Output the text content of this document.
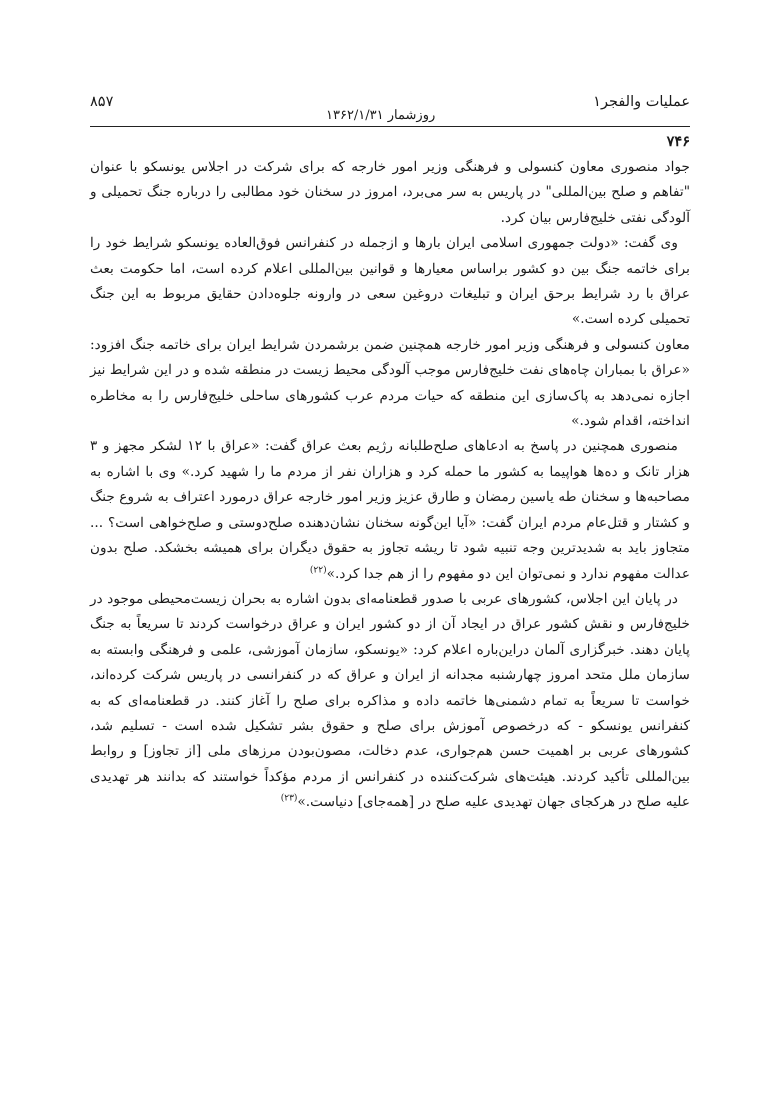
عملیات والفجر۱
روزشمار ۱۳۶۲/۱/۳۱
۸۵۷
۷۴۶

جواد منصوری معاون کنسولی و فرهنگی وزیر امور خارجه که برای شرکت در اجلاس یونسکو با عنوان "تفاهم و صلح بین‌المللی" در پاریس به سر می‌برد، امروز در سخنان خود مطالبی را درباره جنگ تحمیلی و آلودگی نفتی خلیج‌فارس بیان کرد.

وی گفت: «دولت جمهوری اسلامی ایران بارها و ازجمله در کنفرانس فوق‌العاده یونسکو شرایط خود را برای خاتمه جنگ بین دو کشور براساس معیارها و قوانین بین‌المللی اعلام کرده است، اما حکومت بعث عراق با رد شرایط برحق ایران و تبلیغات دروغین سعی در وارونه جلوه‌دادن حقایق مربوط به این جنگ تحمیلی کرده است.»

معاون کنسولی و فرهنگی وزیر امور خارجه همچنین ضمن برشمردن شرایط ایران برای خاتمه جنگ افزود: «عراق با بمباران چاه‌های نفت خلیج‌فارس موجب آلودگی محیط زیست در منطقه شده و در این شرایط نیز اجازه نمی‌دهد به پاک‌سازی این منطقه که حیات مردم عرب کشورهای ساحلی خلیج‌فارس را به مخاطره انداخته، اقدام شود.»

منصوری همچنین در پاسخ به ادعاهای صلح‌طلبانه رژیم بعث عراق گفت: «عراق با ۱۲ لشکر مجهز و ۳ هزار تانک و ده‌ها هواپیما به کشور ما حمله کرد و هزاران نفر از مردم ما را شهید کرد.» وی با اشاره به مصاحبه‌ها و سخنان طه یاسین رمضان و طارق عزیز وزیر امور خارجه عراق درمورد اعتراف به شروع جنگ و کشتار و قتل‌عام مردم ایران گفت: «آیا این‌گونه سخنان نشان‌دهنده صلح‌دوستی و صلح‌خواهی است؟ ... متجاوز باید به شدیدترین وجه تنبیه شود تا ریشه تجاوز به حقوق دیگران برای همیشه بخشکد. صلح بدون عدالت مفهوم ندارد و نمی‌توان این دو مفهوم را از هم جدا کرد.»$^{(۲۲)}$

در پایان این اجلاس، کشورهای عربی با صدور قطعنامه‌ای بدون اشاره به بحران زیست‌محیطی موجود در خلیج‌فارس و نقش کشور عراق در ایجاد آن از دو کشور ایران و عراق درخواست کردند تا سریعاً به جنگ پایان دهند. خبرگزاری آلمان دراین‌باره اعلام کرد: «یونسکو، سازمان آموزشی، علمی و فرهنگی وابسته به سازمان ملل متحد امروز چهارشنبه مجدانه از ایران و عراق که در کنفرانسی در پاریس شرکت کرده‌اند، خواست تا سریعاً به تمام دشمنی‌ها خاتمه داده و مذاکره برای صلح را آغاز کنند. در قطعنامه‌ای که به کنفرانس یونسکو - که درخصوص آموزش برای صلح و حقوق بشر تشکیل شده است - تسلیم شد، کشورهای عربی بر اهمیت حسن هم‌جواری، عدم دخالت، مصون‌بودن مرزهای ملی [از تجاوز] و روابط بین‌المللی تأکید کردند. هیئت‌های شرکت‌کننده در کنفرانس از مردم مؤکداً خواستند که بدانند هر تهدیدی علیه صلح در هرکجای جهان تهدیدی علیه صلح در [همه‌جای] دنیاست.»$^{(۲۳)}$
